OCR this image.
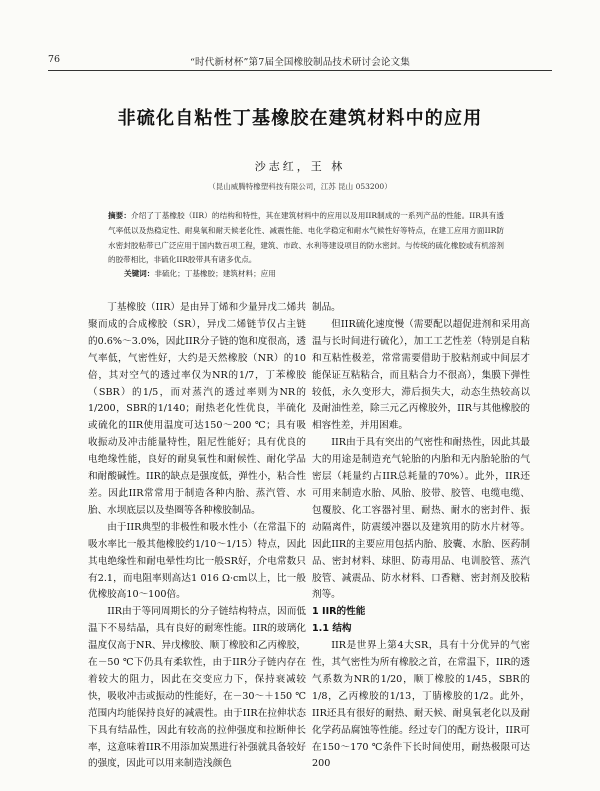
76	“时代新材杯”第7届全国橡胶制品技术研讨会论文集
非硫化自粘性丁基橡胶在建筑材料中的应用
沙志红，王 林
（昆山威腾特橡塑科技有限公司，江苏 昆山 053200）
摘要：介绍了丁基橡胶（IIR）的结构和特性，其在建筑材料中的应用以及用IIR制成的一系列产品的性能。IIR具有透气率低以及热稳定性、耐臭氧和耐天候老化性、减震性能、电化学稳定和耐水气候性好等特点，在建工应用方面IIR防水密封胶粘带已广泛应用于国内数百项工程，建筑、市政、水利等建设项目的防水密封。与传统的硫化橡胶或有机溶剂的胶带相比，非硫化IIR胶带具有诸多优点。
关键词：非硫化；丁基橡胶；建筑材料；应用

丁基橡胶（IIR）是由异丁烯和少量异戊二烯共聚而成的合成橡胶（SR），异戊二烯链节仅占主链的0.6%～3.0%，因此IIR分子链的饱和度很高，透气率低，气密性好，大约是天然橡胶（NR）的10倍，其对空气的透过率仅为NR的1/7，丁苯橡胶（SBR）的1/5，而对蒸汽的透过率则为NR的1/200，SBR的1/140；耐热老化性优良，半硫化或硫化的IIR使用温度可达150～200 ℃；具有吸收振动及冲击能量特性，阻尼性能好；具有优良的电绝缘性能，良好的耐臭氧性和耐候性、耐化学品和耐酸碱性。IIR的缺点是强度低，弹性小，粘合性差。因此IIR常常用于制造各种内胎、蒸汽管、水胎、水坝底层以及垫圈等各种橡胶制品。

由于IIR典型的非极性和吸水性小（在常温下的吸水率比一般其他橡胶约1/10～1/15）特点，因此其电绝缘性和耐电晕性均比一般SR好，介电常数只有2.1，而电阻率则高达1 016 Ω·cm以上，比一般优橡胶高10～100倍。

IIR由于等同周期长的分子链结构特点，因而低温下不易结晶，具有良好的耐寒性能。IIR的玻璃化温度仅高于NR、异戊橡胶、顺丁橡胶和乙丙橡胶，在－50 ℃下仍具有柔软性，由于IIR分子链内存在着较大的阻力，因此在交变应力下，保持衰减较快，吸收冲击或振动的性能好，在－30～＋150 ℃范围内均能保持良好的减震性。由于IIR在拉伸状态下具有结晶性，因此有较高的拉伸强度和拉断伸长率，这意味着IIR不用添加炭黑进行补强就具备较好的强度，因此可以用来制造浅颜色

制品。

但IIR硫化速度慢（需要配以超促进剂和采用高温与长时间进行硫化），加工工艺性差（特别是自粘和互粘性极差，常常需要借助于胶粘剂或中间层才能保证互粘粘合，而且粘合力不很高），集膜下弹性较低，永久变形大，滞后损失大，动态生热较高以及耐油性差，除三元乙丙橡胶外，IIR与其他橡胶的相容性差，并用困难。

IIR由于具有突出的气密性和耐热性，因此其最大的用途是制造充气轮胎的内胎和无内胎轮胎的气密层（耗量约占IIR总耗量的70%）。此外，IIR还可用来制造水胎、风胎、胶带、胶管、电缆电缆、包覆胶、化工容器衬里、耐热、耐水的密封件、振动隔离件，防震缓冲器以及建筑用的防水片材等。因此IIR的主要应用包括内胎、胶囊、水胎、医药制品、密封材料、球胆、防毒用品、电训胶管、蒸汽胶管、减震品、防水材料、口香糖、密封剂及胶粘剂等。

1 IIR的性能

1.1 结构

IIR是世界上第4大SR，具有十分优异的气密性，其气密性为所有橡胶之首，在常温下，IIR的透气系数为NR的1/20，顺丁橡胶的1/45，SBR的1/8，乙丙橡胶的1/13，丁腈橡胶的1/2。此外，IIR还具有很好的耐热、耐天候、耐臭氧老化以及耐化学药品腐蚀等性能。经过专门的配方设计，IIR可在150～170 ℃条件下长时间使用，耐热极限可达200
